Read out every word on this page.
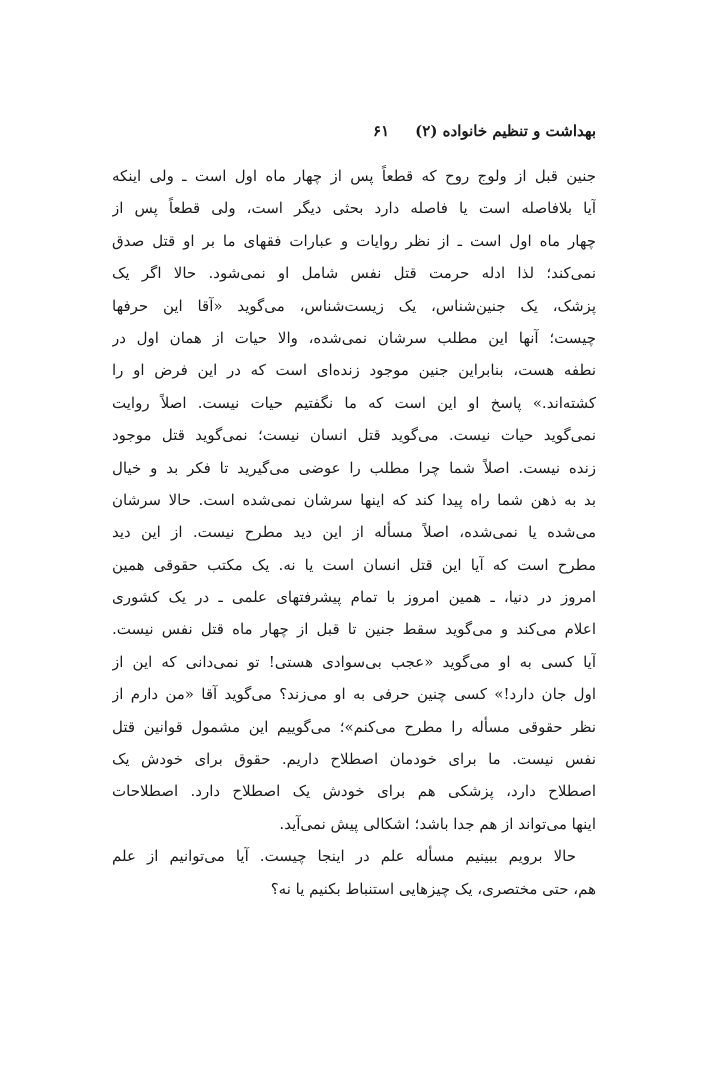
بهداشت و تنظیم خانواده (۲)
۶۱
جنین قبل از ولوج روح که قطعاً پس از چهار ماه اول است ـ ولی اینکه
آیا بلافاصله است یا فاصله دارد بحثی دیگر است، ولی قطعاً پس از
چهار ماه اول است ـ از نظر روایات و عبارات فقهای ما بر او قتل صدق
نمی‌کند؛ لذا ادله حرمت قتل نفس شامل او نمی‌شود. حالا اگر یک
پزشک، یک جنین‌شناس، یک زیست‌شناس، می‌گوید «آقا این حرفها
چیست؛ آنها این مطلب سرشان نمی‌شده، والا حیات از همان اول در
نطفه هست، بنابراین جنین موجود زنده‌ای است که در این فرض او را
کشته‌اند.» پاسخ او این است که ما نگفتیم حیات نیست. اصلاً روایت
نمی‌گوید حیات نیست. می‌گوید قتل انسان نیست؛ نمی‌گوید قتل موجود
زنده نیست. اصلاً شما چرا مطلب را عوضی می‌گیرید تا فکر بد و خیال
بد به ذهن شما راه پیدا کند که اینها سرشان نمی‌شده است. حالا سرشان
می‌شده یا نمی‌شده، اصلاً مسأله از این دید مطرح نیست. از این دید
مطرح است که آیا این قتل انسان است یا نه. یک مکتب حقوقی همین
امروز در دنیا، ـ همین امروز با تمام پیشرفتهای علمی ـ در یک کشوری
اعلام می‌کند و می‌گوید سقط جنین تا قبل از چهار ماه قتل نفس نیست.
آیا کسی به او می‌گوید «عجب بی‌سوادی هستی! تو نمی‌دانی که این از
اول جان دارد!» کسی چنین حرفی به او می‌زند؟ می‌گوید آقا «من دارم از
نظر حقوقی مسأله را مطرح می‌کنم»؛ می‌گوییم این مشمول قوانین قتل
نفس نیست. ما برای خودمان اصطلاح داریم. حقوق برای خودش یک
اصطلاح دارد، پزشکی هم برای خودش یک اصطلاح دارد. اصطلاحات
اینها می‌تواند از هم جدا باشد؛ اشکالی پیش نمی‌آید.
حالا برویم ببینیم مسأله علم در اینجا چیست. آیا می‌توانیم از علم
هم، حتی مختصری، یک چیزهایی استنباط بکنیم یا نه؟
